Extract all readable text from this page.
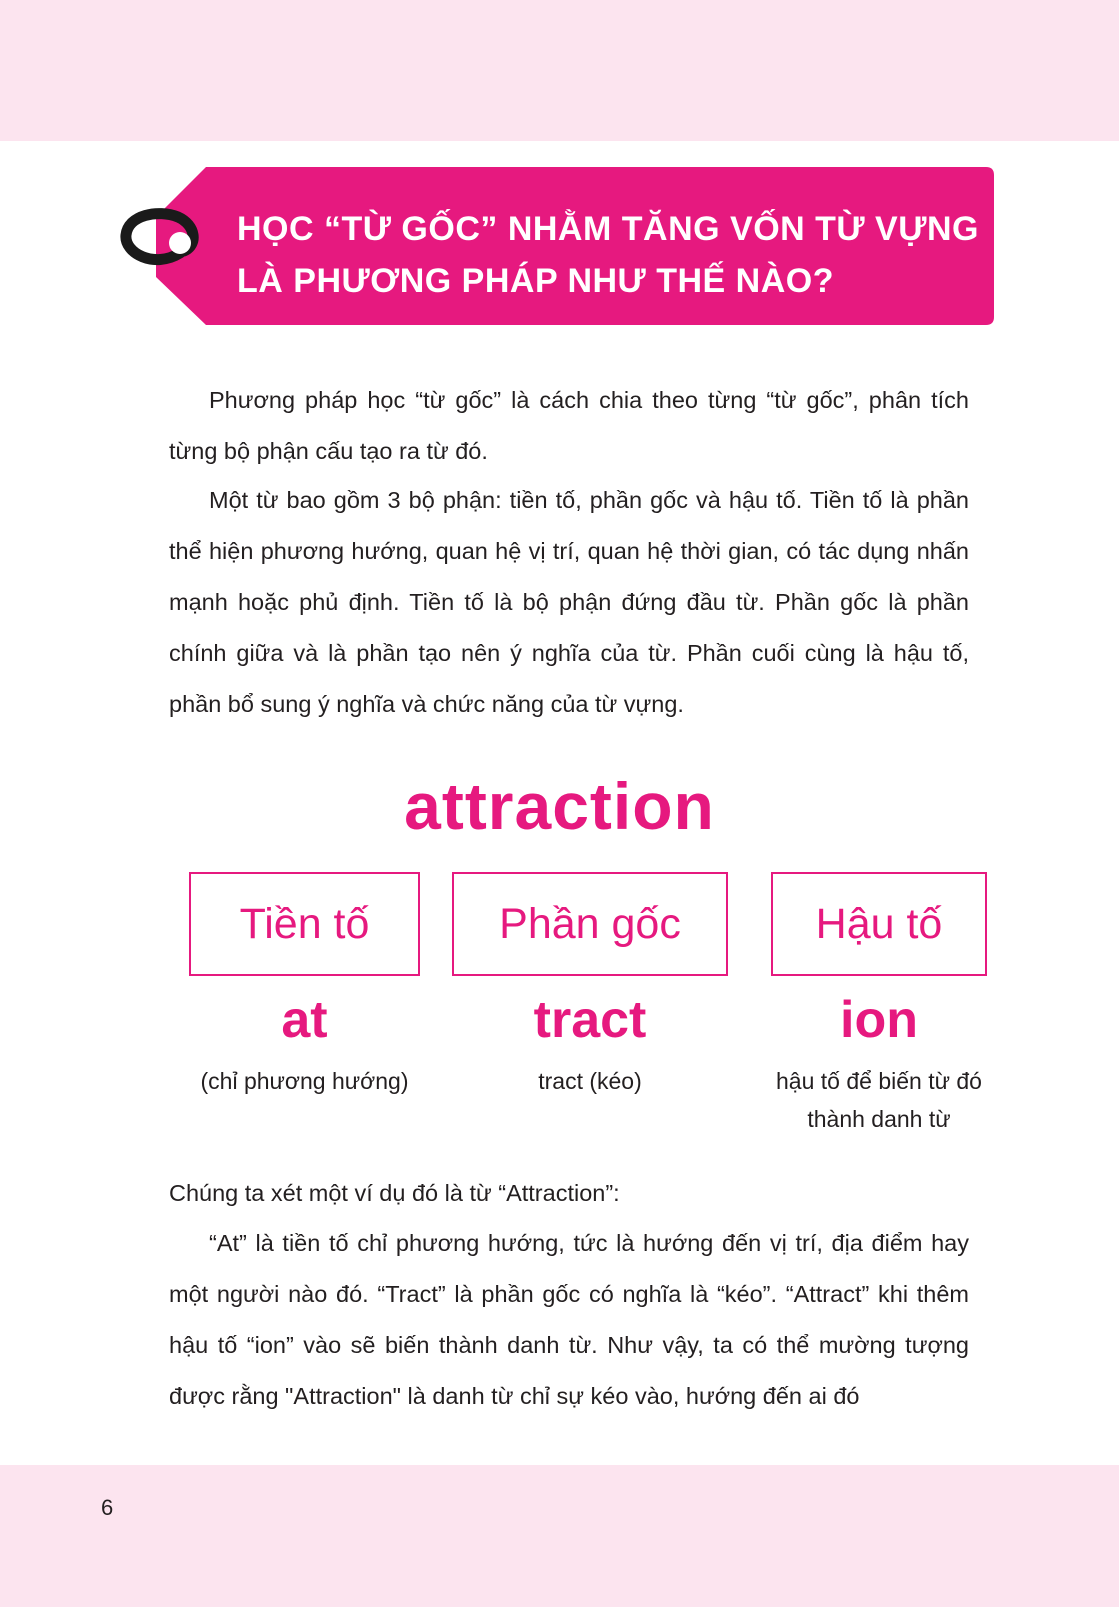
HỌC “TỪ GỐC” NHẰM TĂNG VỐN TỪ VỰNG LÀ PHƯƠNG PHÁP NHƯ THẾ NÀO?

Phương pháp học “từ gốc” là cách chia theo từng “từ gốc”, phân tích từng bộ phận cấu tạo ra từ đó.

Một từ bao gồm 3 bộ phận: tiền tố, phần gốc và hậu tố. Tiền tố là phần thể hiện phương hướng, quan hệ vị trí, quan hệ thời gian, có tác dụng nhấn mạnh hoặc phủ định. Tiền tố là bộ phận đứng đầu từ. Phần gốc là phần chính giữa và là phần tạo nên ý nghĩa của từ. Phần cuối cùng là hậu tố, phần bổ sung ý nghĩa và chức năng của từ vựng.

attraction
Tiền tố	Phần gốc	Hậu tố
at	tract	ion
(chỉ phương hướng)	tract (kéo)	hậu tố để biến từ đó thành danh từ

Chúng ta xét một ví dụ đó là từ “Attraction”:

“At” là tiền tố chỉ phương hướng, tức là hướng đến vị trí, địa điểm hay một người nào đó. “Tract” là phần gốc có nghĩa là “kéo”. “Attract” khi thêm hậu tố “ion” vào sẽ biến thành danh từ. Như vậy, ta có thể mường tượng được rằng "Attraction" là danh từ chỉ sự kéo vào, hướng đến ai đó

6
